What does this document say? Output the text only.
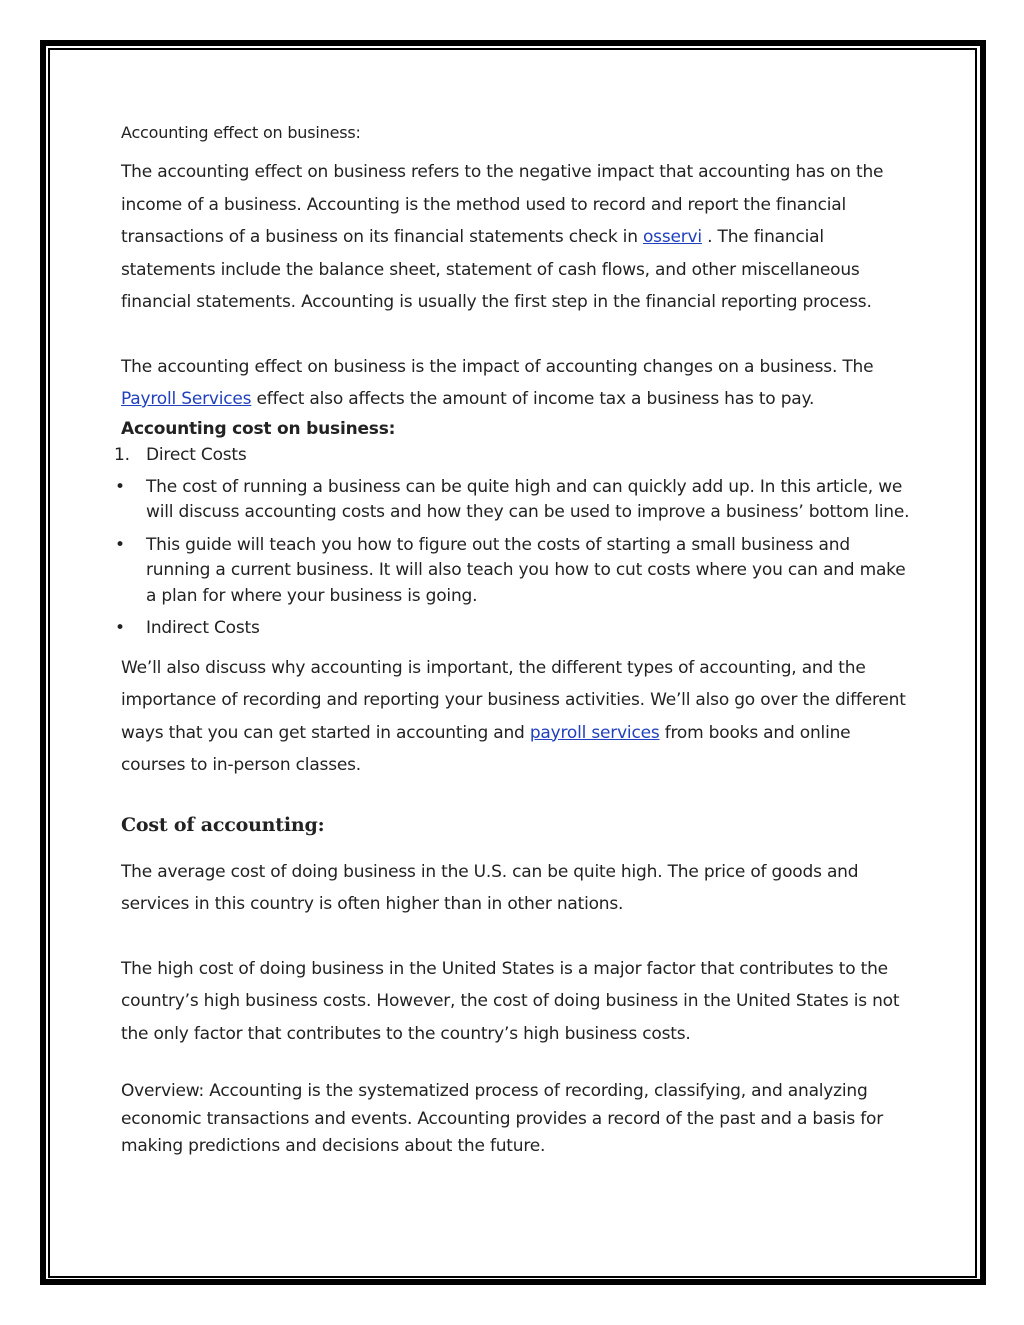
Accounting effect on business:

The accounting effect on business refers to the negative impact that accounting has on the income of a business. Accounting is the method used to record and report the financial transactions of a business on its financial statements check in osservi . The financial statements include the balance sheet, statement of cash flows, and other miscellaneous financial statements. Accounting is usually the first step in the financial reporting process.

The accounting effect on business is the impact of accounting changes on a business. The Payroll Services effect also affects the amount of income tax a business has to pay.

Accounting cost on business:

1. Direct Costs
• The cost of running a business can be quite high and can quickly add up. In this article, we will discuss accounting costs and how they can be used to improve a business’ bottom line.
• This guide will teach you how to figure out the costs of starting a small business and running a current business. It will also teach you how to cut costs where you can and make a plan for where your business is going.
• Indirect Costs

We’ll also discuss why accounting is important, the different types of accounting, and the importance of recording and reporting your business activities. We’ll also go over the different ways that you can get started in accounting and payroll services from books and online courses to in-person classes.

Cost of accounting:

The average cost of doing business in the U.S. can be quite high. The price of goods and services in this country is often higher than in other nations.

The high cost of doing business in the United States is a major factor that contributes to the country’s high business costs. However, the cost of doing business in the United States is not the only factor that contributes to the country’s high business costs.

Overview: Accounting is the systematized process of recording, classifying, and analyzing economic transactions and events. Accounting provides a record of the past and a basis for making predictions and decisions about the future.
